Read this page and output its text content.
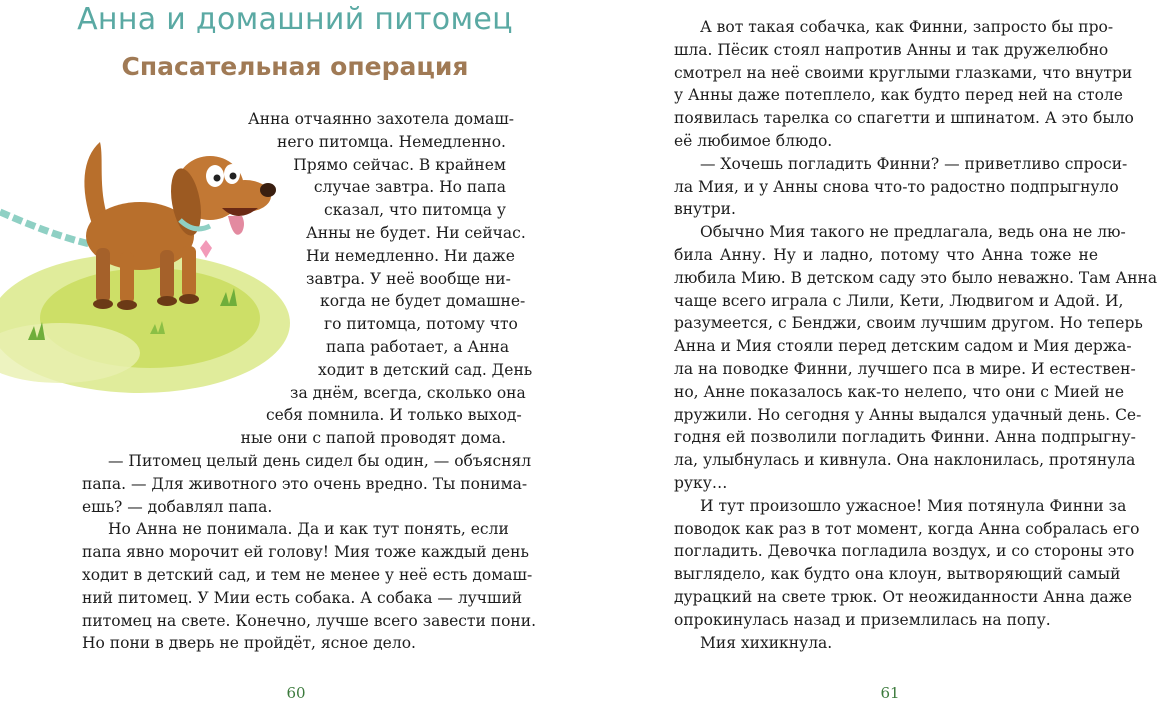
Анна и домашний питомец
Спасательная операция

Анна отчаянно захотела домаш-

него питомца. Немедленно.

Прямо сейчас. В крайнем

случае завтра. Но папа

сказал, что питомца у

Анны не будет. Ни сейчас.

Ни немедленно. Ни даже

завтра. У неё вообще ни-

когда не будет домашне-

го питомца, потому что

папа работает, а Анна

ходит в детский сад. День

за днём, всегда, сколько она

себя помнила. И только выход-

ные они с папой проводят дома.

— Питомец целый день сидел бы один, — объяснял

папа. — Для животного это очень вредно. Ты понима-

ешь? — добавлял папа.

Но Анна не понимала. Да и как тут понять, если

папа явно морочит ей голову! Мия тоже каждый день

ходит в детский сад, и тем не менее у неё есть домаш-

ний питомец. У Мии есть собака. А собака — лучший

питомец на свете. Конечно, лучше всего завести пони.

Но пони в дверь не пройдёт, ясное дело.

60

А вот такая собачка, как Финни, запросто бы про-

шла. Пёсик стоял напротив Анны и так дружелюбно

смотрел на неё своими круглыми глазками, что внутри

у Анны даже потеплело, как будто перед ней на столе

появилась тарелка со спагетти и шпинатом. А это было

её любимое блюдо.

— Хочешь погладить Финни? — приветливо спроси-

ла Мия, и у Анны снова что-то радостно подпрыгнуло

внутри.

Обычно Мия такого не предлагала, ведь она не лю-

била Анну. Ну и ладно, потому что Анна тоже не

любила Мию. В детском саду это было неважно. Там Анна

чаще всего играла с Лили, Кети, Людвигом и Адой. И,

разумеется, с Бенджи, своим лучшим другом. Но теперь

Анна и Мия стояли перед детским садом и Мия держа-

ла на поводке Финни, лучшего пса в мире. И естествен-

но, Анне показалось как-то нелепо, что они с Мией не

дружили. Но сегодня у Анны выдался удачный день. Се-

годня ей позволили погладить Финни. Анна подпрыгну-

ла, улыбнулась и кивнула. Она наклонилась, протянула

руку…

И тут произошло ужасное! Мия потянула Финни за

поводок как раз в тот момент, когда Анна собралась его

погладить. Девочка погладила воздух, и со стороны это

выглядело, как будто она клоун, вытворяющий самый

дурацкий на свете трюк. От неожиданности Анна даже

опрокинулась назад и приземлилась на попу.

Мия хихикнула.

61
